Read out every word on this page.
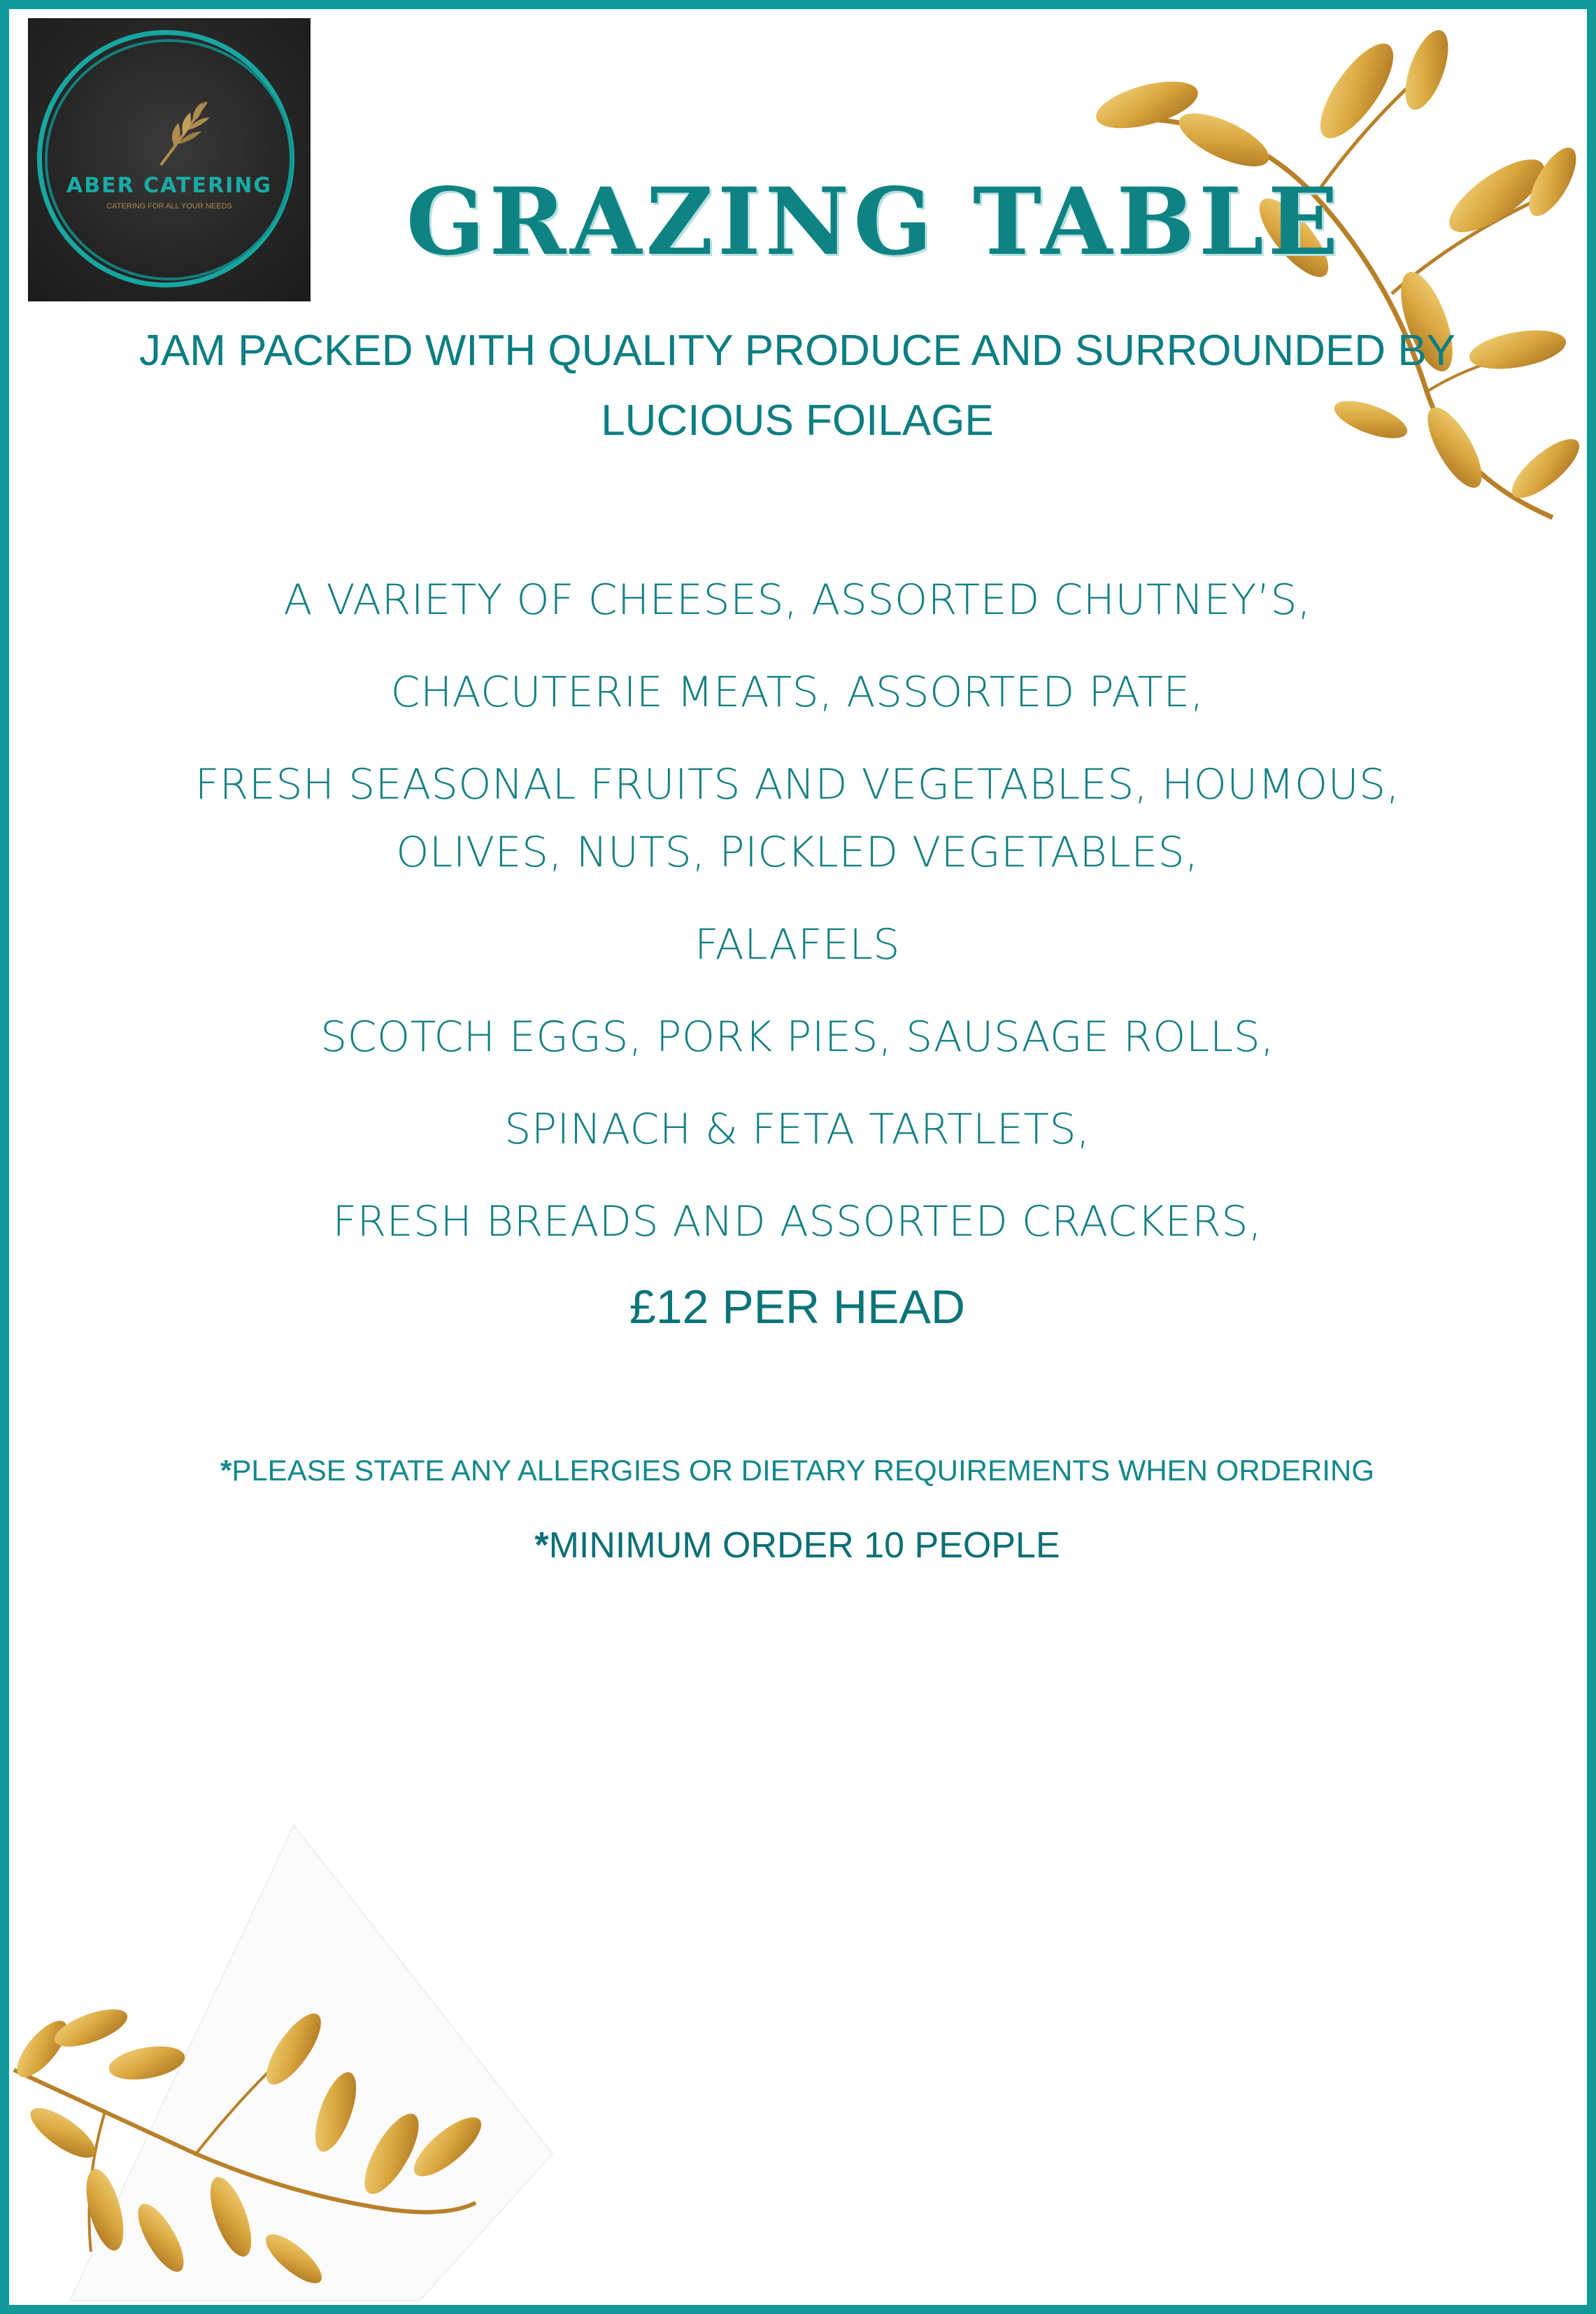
ABER CATERING
CATERING FOR ALL YOUR NEEDS	GRAZING TABLE
JAM PACKED WITH QUALITY PRODUCE AND SURROUNDED BY LUCIOUS FOILAGE
A VARIETY OF CHEESES, ASSORTED CHUTNEY’S,
CHACUTERIE MEATS, ASSORTED PATE,
FRESH SEASONAL FRUITS AND VEGETABLES, HOUMOUS, OLIVES, NUTS, PICKLED VEGETABLES,
FALAFELS
SCOTCH EGGS, PORK PIES, SAUSAGE ROLLS,
SPINACH & FETA TARTLETS,
FRESH BREADS AND ASSORTED CRACKERS,
£12 PER HEAD
*PLEASE STATE ANY ALLERGIES OR DIETARY REQUIREMENTS WHEN ORDERING
*MINIMUM ORDER 10 PEOPLE
